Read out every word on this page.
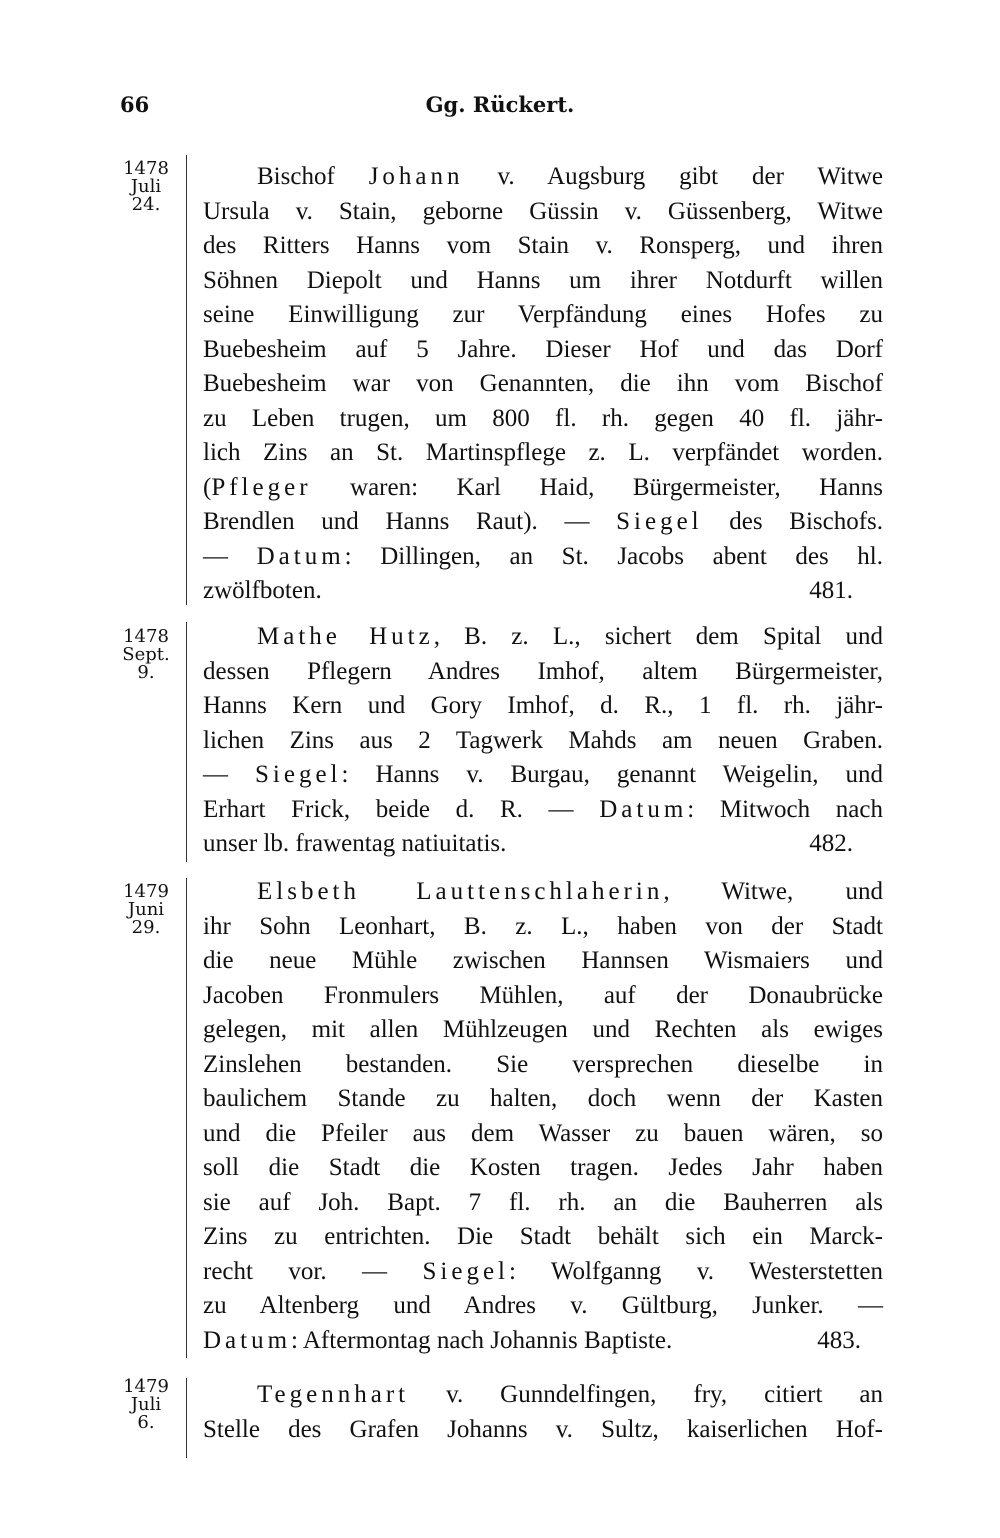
66	Gg. Rückert.
1478
Juli
24.
Bischof Johann v. Augsburg gibt der Witwe
Ursula v. Stain, geborne Güssin v. Güssenberg, Witwe
des Ritters Hanns vom Stain v. Ronsperg, und ihren
Söhnen Diepolt und Hanns um ihrer Notdurft willen
seine Einwilligung zur Verpfändung eines Hofes zu
Buebesheim auf 5 Jahre. Dieser Hof und das Dorf
Buebesheim war von Genannten, die ihn vom Bischof
zu Leben trugen, um 800 fl. rh. gegen 40 fl. jähr-
lich Zins an St. Martinspflege z. L. verpfändet worden.
(Pfleger waren: Karl Haid, Bürgermeister, Hanns
Brendlen und Hanns Raut). — Siegel des Bischofs.
— Datum: Dillingen, an St. Jacobs abent des hl.
zwölfboten.	481.
1478
Sept.
9.
Mathe Hutz, B. z. L., sichert dem Spital und
dessen Pflegern Andres Imhof, altem Bürgermeister,
Hanns Kern und Gory Imhof, d. R., 1 fl. rh. jähr-
lichen Zins aus 2 Tagwerk Mahds am neuen Graben.
— Siegel: Hanns v. Burgau, genannt Weigelin, und
Erhart Frick, beide d. R. — Datum: Mitwoch nach
unser lb. frawentag natiuitatis.	482.
1479
Juni
29.
Elsbeth Lauttenschlaherin, Witwe, und
ihr Sohn Leonhart, B. z. L., haben von der Stadt
die neue Mühle zwischen Hannsen Wismaiers und
Jacoben Fronmulers Mühlen, auf der Donaubrücke
gelegen, mit allen Mühlzeugen und Rechten als ewiges
Zinslehen bestanden. Sie versprechen dieselbe in
baulichem Stande zu halten, doch wenn der Kasten
und die Pfeiler aus dem Wasser zu bauen wären, so
soll die Stadt die Kosten tragen. Jedes Jahr haben
sie auf Joh. Bapt. 7 fl. rh. an die Bauherren als
Zins zu entrichten. Die Stadt behält sich ein Marck-
recht vor. — Siegel: Wolfganng v. Westerstetten
zu Altenberg und Andres v. Gültburg, Junker. —
Datum: Aftermontag nach Johannis Baptiste.	483.
1479
Juli
6.
Tegennhart v. Gunndelfingen, fry, citiert an
Stelle des Grafen Johanns v. Sultz, kaiserlichen Hof-
